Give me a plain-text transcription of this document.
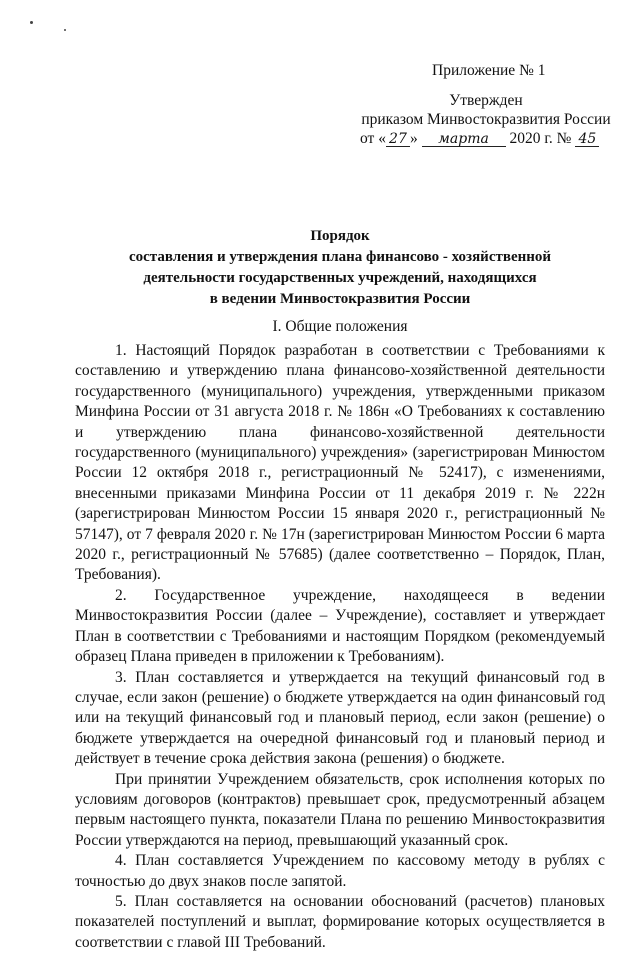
Приложение № 1
Утвержден
приказом Минвостокразвития России
от « 27 » марта 2020 г. № 45
Порядок
составления и утверждения плана финансово - хозяйственной
деятельности государственных учреждений, находящихся
в ведении Минвостокразвития России
I. Общие положения

1. Настоящий Порядок разработан в соответствии с Требованиями к составлению и утверждению плана финансово-хозяйственной деятельности государственного (муниципального) учреждения, утвержденными приказом Минфина России от 31 августа 2018 г. № 186н «О Требованиях к составлению и утверждению плана финансово-хозяйственной деятельности государственного (муниципального) учреждения» (зарегистрирован Минюстом России 12 октября 2018 г., регистрационный № 52417), с изменениями, внесенными приказами Минфина России от 11 декабря 2019 г. № 222н (зарегистрирован Минюстом России 15 января 2020 г., регистрационный № 57147), от 7 февраля 2020 г. № 17н (зарегистрирован Минюстом России 6 марта 2020 г., регистрационный № 57685) (далее соответственно – Порядок, План, Требования).

2. Государственное учреждение, находящееся в ведении Минвостокразвития России (далее – Учреждение), составляет и утверждает План в соответствии с Требованиями и настоящим Порядком (рекомендуемый образец Плана приведен в приложении к Требованиям).

3. План составляется и утверждается на текущий финансовый год в случае, если закон (решение) о бюджете утверждается на один финансовый год или на текущий финансовый год и плановый период, если закон (решение) о бюджете утверждается на очередной финансовый год и плановый период и действует в течение срока действия закона (решения) о бюджете.

При принятии Учреждением обязательств, срок исполнения которых по условиям договоров (контрактов) превышает срок, предусмотренный абзацем первым настоящего пункта, показатели Плана по решению Минвостокразвития России утверждаются на период, превышающий указанный срок.

4. План составляется Учреждением по кассовому методу в рублях с точностью до двух знаков после запятой.

5. План составляется на основании обоснований (расчетов) плановых показателей поступлений и выплат, формирование которых осуществляется в соответствии с главой III Требований.
